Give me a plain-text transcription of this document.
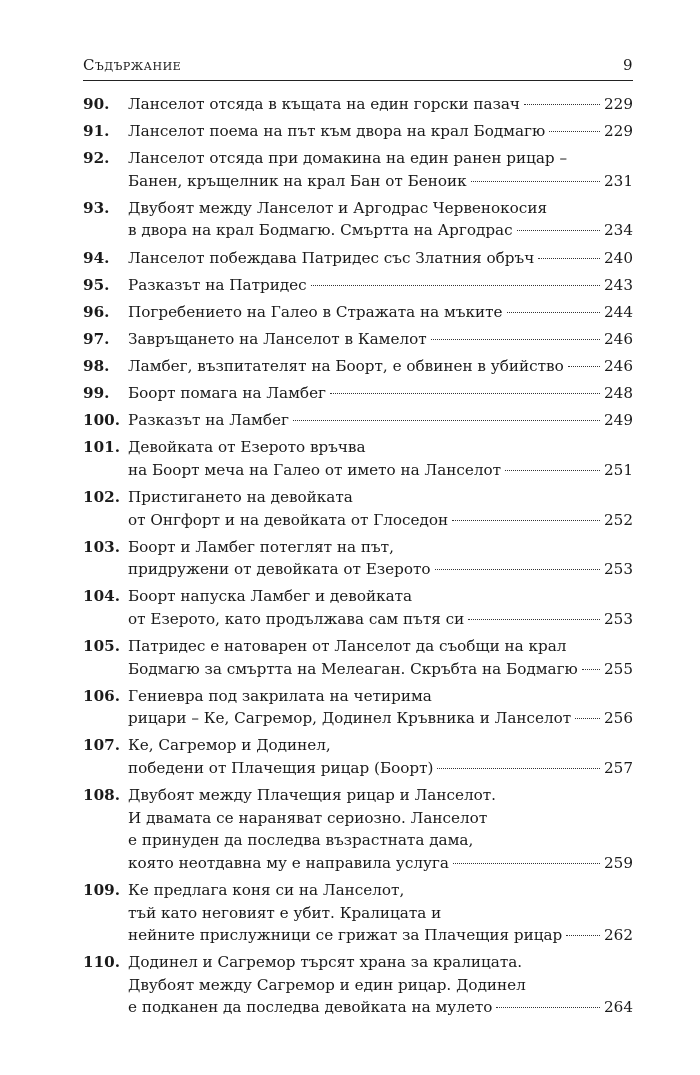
Съдържание	9
90. Ланселот отсяда в къщата на един горски пазач	229
91. Ланселот поема на път към двора на крал Бодмагю	229
92. Ланселот отсяда при домакина на един ранен рицар –
Банен, кръщелник на крал Бан от Беноик	231
93. Двубоят между Ланселот и Аргодрас Червенокосия
в двора на крал Бодмагю. Смъртта на Аргодрас	234
94. Ланселот побеждава Патридес със Златния обръч	240
95. Разказът на Патридес	243
96. Погребението на Галео в Стражата на мъките	244
97. Завръщането на Ланселот в Камелот	246
98. Ламбег, възпитателят на Боорт, е обвинен в убийство	246
99. Боорт помага на Ламбег	248
100. Разказът на Ламбег	249
101. Девойката от Езерото връчва
на Боорт меча на Галео от името на Ланселот	251
102. Пристигането на девойката
от Онгфорт и на девойката от Глоседон	252
103. Боорт и Ламбег потеглят на път,
придружени от девойката от Езерото	253
104. Боорт напуска Ламбег и девойката
от Езерото, като продължава сам пътя си	253
105. Патридес е натоварен от Ланселот да съобщи на крал
Бодмагю за смъртта на Мелеаган. Скръбта на Бодмагю 255
106. Гениевра под закрилата на четирима
рицари – Ке, Сагремор, Додинел Кръвника и Ланселот 256
107. Ке, Сагремор и Додинел,
победени от Плачещия рицар (Боорт)	257
108. Двубоят между Плачещия рицар и Ланселот.
И двамата се нараняват сериозно. Ланселот
е принуден да последва възрастната дама,
която неотдавна му е направила услуга	259
109. Ке предлага коня си на Ланселот,
тъй като неговият е убит. Кралицата и
нейните прислужници се грижат за Плачещия рицар	262
110. Додинел и Сагремор търсят храна за кралицата.
Двубоят между Сагремор и един рицар. Додинел
е подканен да последва девойката на мулето	264
